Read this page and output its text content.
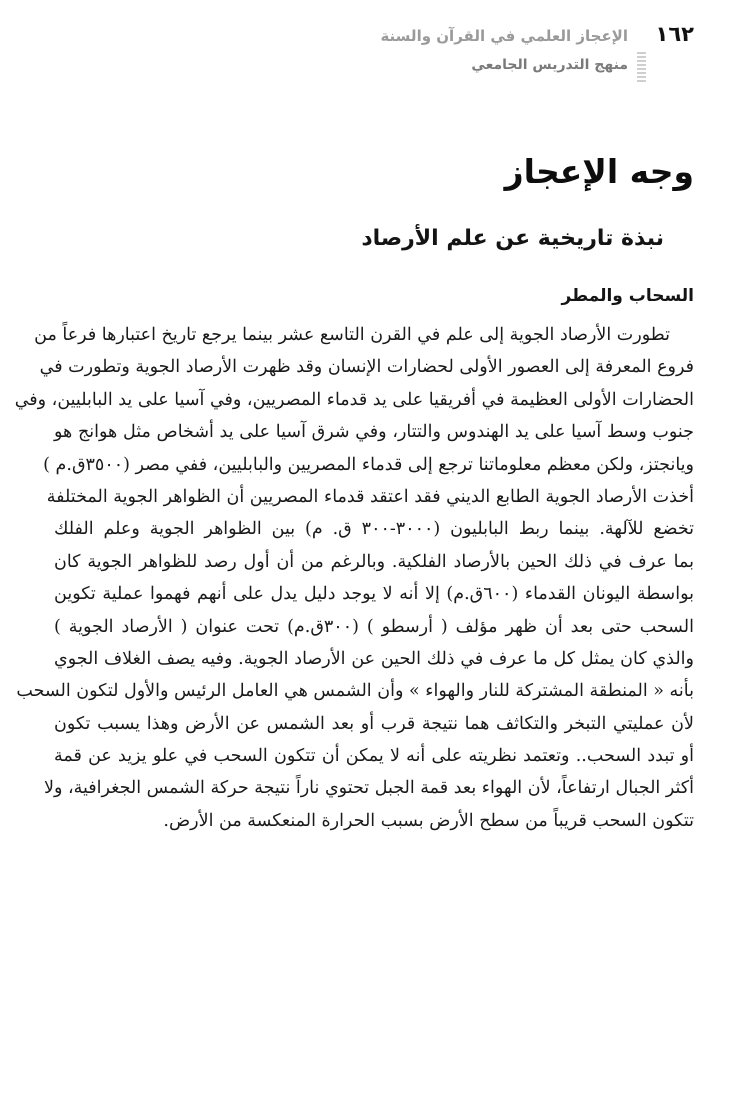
١٦٢
الإعجاز العلمي في القرآن والسنة
منهج التدريس الجامعي
وجه الإعجاز
نبذة تاريخية عن علم الأرصاد
السحاب والمطر
تطورت الأرصاد الجوية إلى علم في القرن التاسع عشر بينما يرجع تاريخ اعتبارها فرعاً من
فروع المعرفة إلى العصور الأولى لحضارات الإنسان وقد ظهرت الأرصاد الجوية وتطورت في
الحضارات الأولى العظيمة في أفريقيا على يد قدماء المصريين، وفي آسيا على يد البابليين، وفي
جنوب وسط آسيا على يد الهندوس والتتار، وفي شرق آسيا على يد أشخاص مثل هوانج هو
ويانجتز، ولكن معظم معلوماتنا ترجع إلى قدماء المصريين والبابليين، ففي مصر (٣٥٠٠ق.م )
أخذت الأرصاد الجوية الطابع الديني فقد اعتقد قدماء المصريين أن الظواهر الجوية المختلفة
تخضع للآلهة. بينما ربط البابليون (٣٠٠٠-٣٠٠ ق. م) بين الظواهر الجوية وعلم الفلك
بما عرف في ذلك الحين بالأرصاد الفلكية. وبالرغم من أن أول رصد للظواهر الجوية كان
بواسطة اليونان القدماء (٦٠٠ق.م) إلا أنه لا يوجد دليل يدل على أنهم فهموا عملية تكوين
السحب حتى بعد أن ظهر مؤلف ( أرسطو ) (٣٠٠ق.م) تحت عنوان ( الأرصاد الجوية )
والذي كان يمثل كل ما عرف في ذلك الحين عن الأرصاد الجوية. وفيه يصف الغلاف الجوي
بأنه « المنطقة المشتركة للنار والهواء » وأن الشمس هي العامل الرئيس والأول لتكون السحب
لأن عمليتي التبخر والتكاثف هما نتيجة قرب أو بعد الشمس عن الأرض وهذا يسبب تكون
أو تبدد السحب.. وتعتمد نظريته على أنه لا يمكن أن تتكون السحب في علو يزيد عن قمة
أكثر الجبال ارتفاعاً، لأن الهواء بعد قمة الجبل تحتوي ناراً نتيجة حركة الشمس الجغرافية، ولا
تتكون السحب قريباً من سطح الأرض بسبب الحرارة المنعكسة من الأرض.
